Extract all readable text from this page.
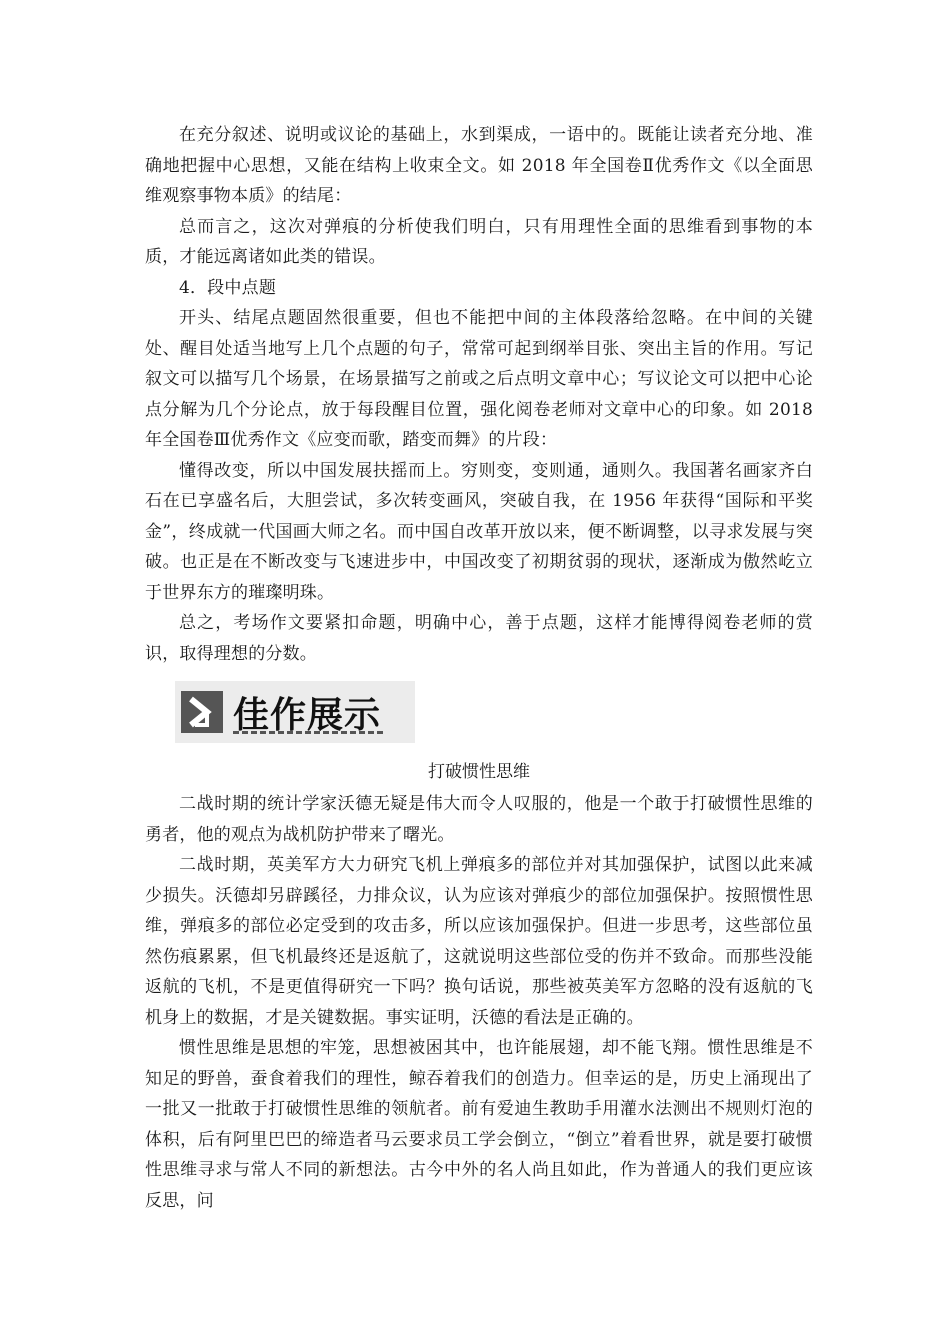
在充分叙述、说明或议论的基础上，水到渠成，一语中的。既能让读者充分地、准确地把握中心思想，又能在结构上收束全文。如 2018 年全国卷Ⅱ优秀作文《以全面思维观察事物本质》的结尾：

总而言之，这次对弹痕的分析使我们明白，只有用理性全面的思维看到事物的本质，才能远离诸如此类的错误。

4．段中点题

开头、结尾点题固然很重要，但也不能把中间的主体段落给忽略。在中间的关键处、醒目处适当地写上几个点题的句子，常常可起到纲举目张、突出主旨的作用。写记叙文可以描写几个场景，在场景描写之前或之后点明文章中心；写议论文可以把中心论点分解为几个分论点，放于每段醒目位置，强化阅卷老师对文章中心的印象。如 2018 年全国卷Ⅲ优秀作文《应变而歌，踏变而舞》的片段：

懂得改变，所以中国发展扶摇而上。穷则变，变则通，通则久。我国著名画家齐白石在已享盛名后，大胆尝试，多次转变画风，突破自我，在 1956 年获得“国际和平奖金”，终成就一代国画大师之名。而中国自改革开放以来，便不断调整，以寻求发展与突破。也正是在不断改变与飞速进步中，中国改变了初期贫弱的现状，逐渐成为傲然屹立于世界东方的璀璨明珠。

总之，考场作文要紧扣命题，明确中心，善于点题，这样才能博得阅卷老师的赏识，取得理想的分数。

佳作展示
打破惯性思维

二战时期的统计学家沃德无疑是伟大而令人叹服的，他是一个敢于打破惯性思维的勇者，他的观点为战机防护带来了曙光。

二战时期，英美军方大力研究飞机上弹痕多的部位并对其加强保护，试图以此来减少损失。沃德却另辟蹊径，力排众议，认为应该对弹痕少的部位加强保护。按照惯性思维，弹痕多的部位必定受到的攻击多，所以应该加强保护。但进一步思考，这些部位虽然伤痕累累，但飞机最终还是返航了，这就说明这些部位受的伤并不致命。而那些没能返航的飞机，不是更值得研究一下吗？换句话说，那些被英美军方忽略的没有返航的飞机身上的数据，才是关键数据。事实证明，沃德的看法是正确的。

惯性思维是思想的牢笼，思想被困其中，也许能展翅，却不能飞翔。惯性思维是不知足的野兽，蚕食着我们的理性，鲸吞着我们的创造力。但幸运的是，历史上涌现出了一批又一批敢于打破惯性思维的领航者。前有爱迪生教助手用灌水法测出不规则灯泡的体积，后有阿里巴巴的缔造者马云要求员工学会倒立，“倒立”着看世界，就是要打破惯性思维寻求与常人不同的新想法。古今中外的名人尚且如此，作为普通人的我们更应该反思，问
